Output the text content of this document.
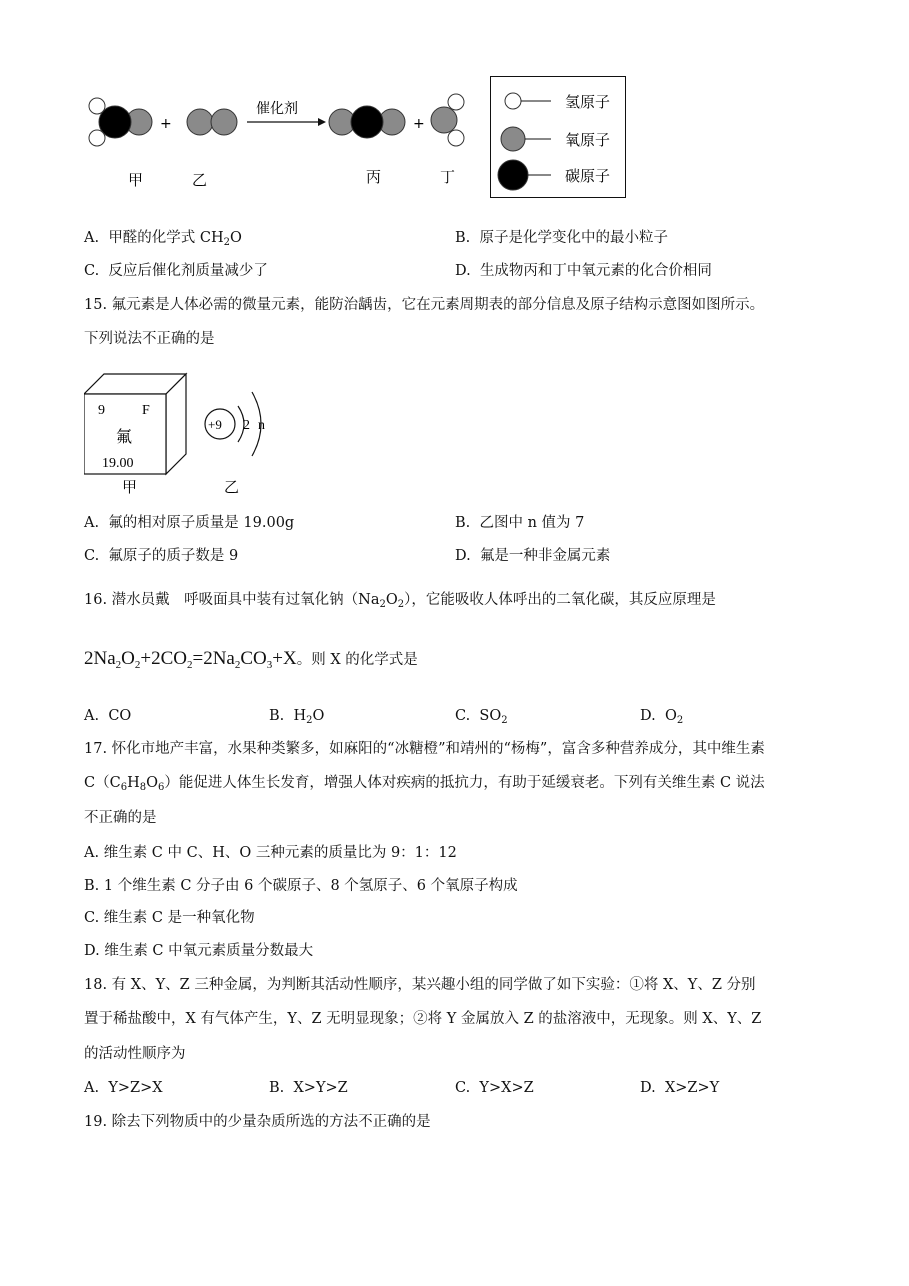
+
催化剂
+
甲	乙	丙	丁
氢原子
氧原子
碳原子
A. 甲醛的化学式 $CH_2O$	B. 原子是化学变化中的最小粒子
C. 反应后催化剂质量减少了	D. 生成物丙和丁中氧元素的化合价相同
15. 氟元素是人体必需的微量元素，能防治龋齿，它在元素周期表的部分信息及原子结构示意图如图所示。
下列说法不正确的是
9	F
氟
19.00
+9 2 n
甲	乙
A. 氟的相对原子质量是 19.00g	B. 乙图中 n 值为 7
C. 氟原子的质子数是 9	D. 氟是一种非金属元素
16. 潜水员戴　呼吸面具中装有过氧化钠$(Na_2O_2)$，它能吸收人体呼出的二氧化碳，其反应原理是
$2Na_2O_2+2CO_2=2Na_2CO_3+X$。则 X 的化学式是
A. CO	B. $H_2O$	C. $SO_2$	D. $O_2$
17. 怀化市地产丰富，水果种类繁多，如麻阳的“冰糖橙”和靖州的“杨梅”，富含多种营养成分，其中维生素
$C(C_6H_8O_6)$能促进人体生长发育，增强人体对疾病的抵抗力，有助于延缓衰老。下列有关维生素 C 说法
不正确的是
A. 维生素 C 中 C、H、O 三种元素的质量比为 9：1：12
B. 1 个维生素 C 分子由 6 个碳原子、8 个氢原子、6 个氧原子构成
C. 维生素 C 是一种氧化物
D. 维生素 C 中氧元素质量分数最大
18. 有 X、Y、Z 三种金属，为判断其活动性顺序，某兴趣小组的同学做了如下实验：①将 X、Y、Z 分别
置于稀盐酸中，X 有气体产生，Y、Z 无明显现象；②将 Y 金属放入 Z 的盐溶液中，无现象。则 X、Y、Z
的活动性顺序为
A. Y>Z>X	B. X>Y>Z	C. Y>X>Z	D. X>Z>Y
19. 除去下列物质中的少量杂质所选的方法不正确的是
